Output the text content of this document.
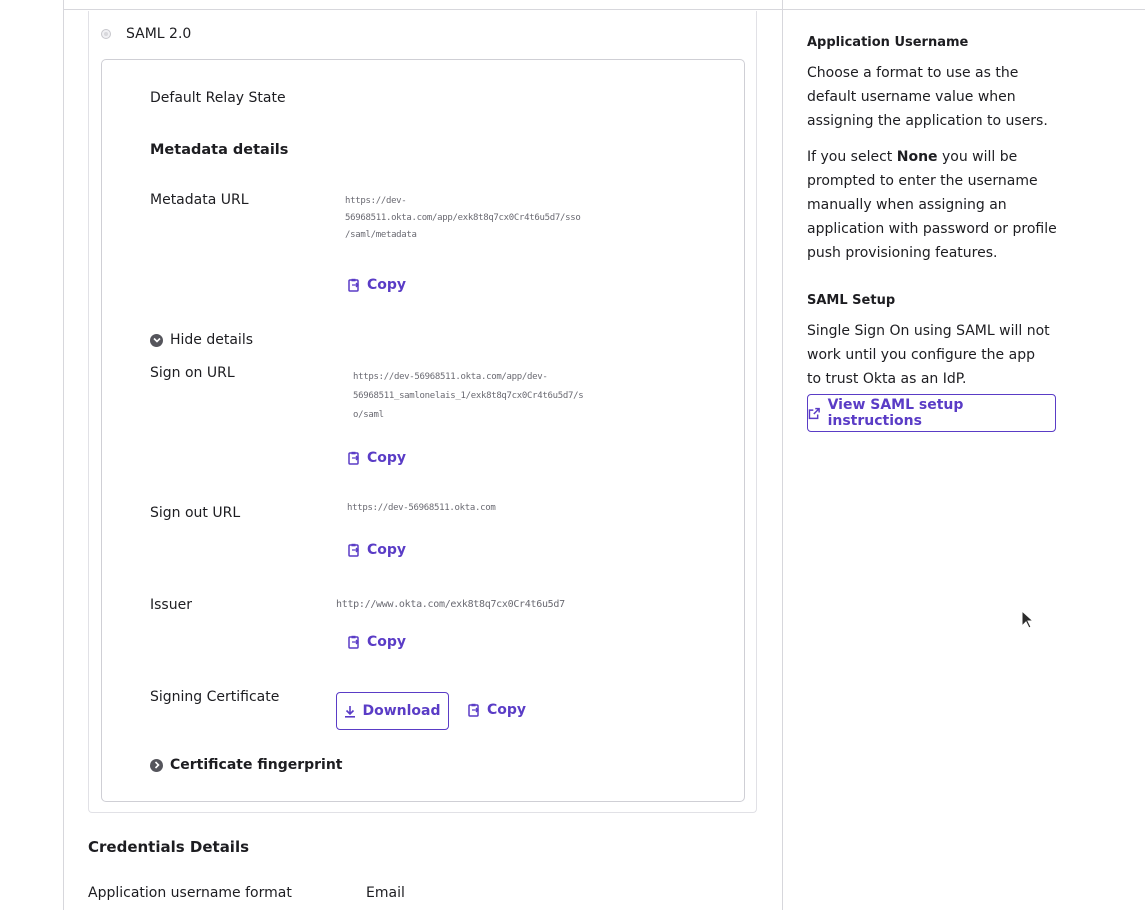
SAML 2.0
Default Relay State
Metadata details
Metadata URL	https://dev-
56968511.okta.com/app/exk8t8q7cx0Cr4t6u5d7/sso
/saml/metadata
Copy
Hide details
Sign on URL	https://dev-56968511.okta.com/app/dev-
56968511_samlonelais_1/exk8t8q7cx0Cr4t6u5d7/s
o/saml
Copy
Sign out URL	https://dev-56968511.okta.com
Copy
Issuer	http://www.okta.com/exk8t8q7cx0Cr4t6u5d7
Copy
Signing Certificate
Download	Copy
Certificate fingerprint
Credentials Details
Application username format	Email
Application Username

Choose a format to use as the default username value when assigning the application to users.

If you select None you will be prompted to enter the username manually when assigning an application with password or profile push provisioning features.

SAML Setup

Single Sign On using SAML will not work until you configure the app to trust Okta as an IdP.

View SAML setup instructions
